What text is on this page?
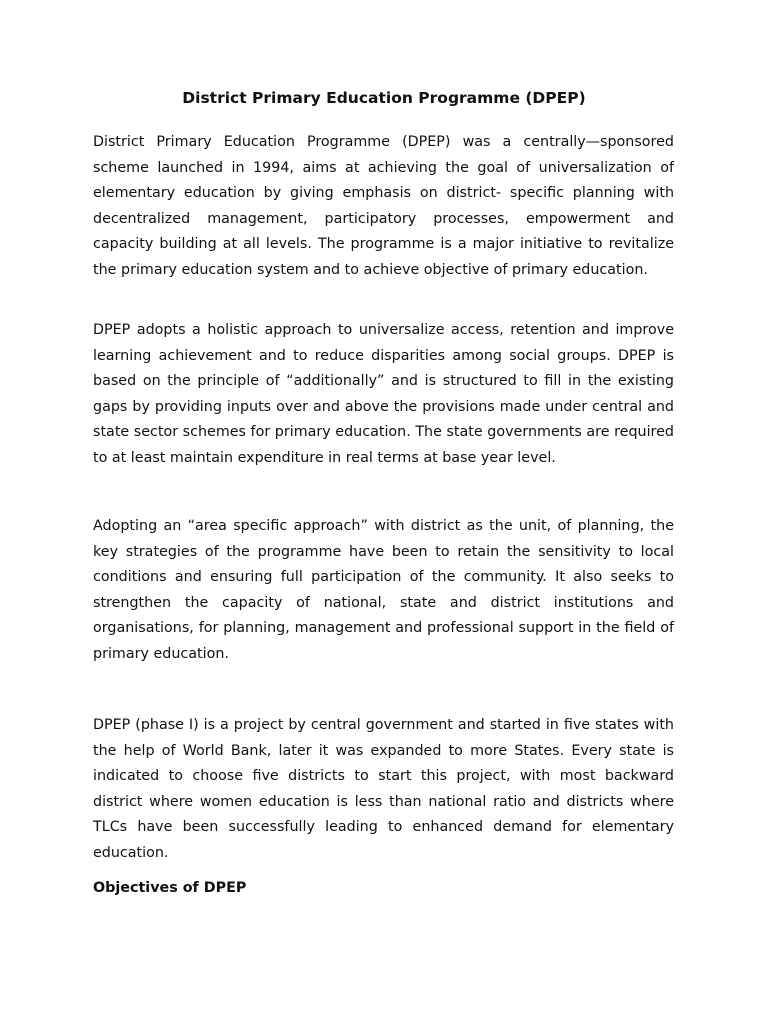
District Primary Education Programme (DPEP)

District Primary Education Programme (DPEP) was a centrally—sponsored scheme launched in 1994, aims at achieving the goal of universalization of elementary education by giving emphasis on district- specific planning with decentralized management, participatory processes, empowerment and capacity building at all levels. The programme is a major initiative to revitalize the primary education system and to achieve objective of primary education.

DPEP adopts a holistic approach to universalize access, retention and improve learning achievement and to reduce disparities among social groups. DPEP is based on the principle of “additionally” and is structured to fill in the existing gaps by providing inputs over and above the provisions made under central and state sector schemes for primary education. The state governments are required to at least maintain expenditure in real terms at base year level.

Adopting an “area specific approach” with district as the unit, of planning, the key strategies of the programme have been to retain the sensitivity to local conditions and ensuring full participation of the community. It also seeks to strengthen the capacity of national, state and district institutions and organisations, for planning, management and professional support in the field of primary education.

DPEP (phase I) is a project by central government and started in five states with the help of World Bank, later it was expanded to more States. Every state is indicated to choose five districts to start this project, with most backward district where women education is less than national ratio and districts where TLCs have been successfully leading to enhanced demand for elementary education.

Objectives of DPEP
